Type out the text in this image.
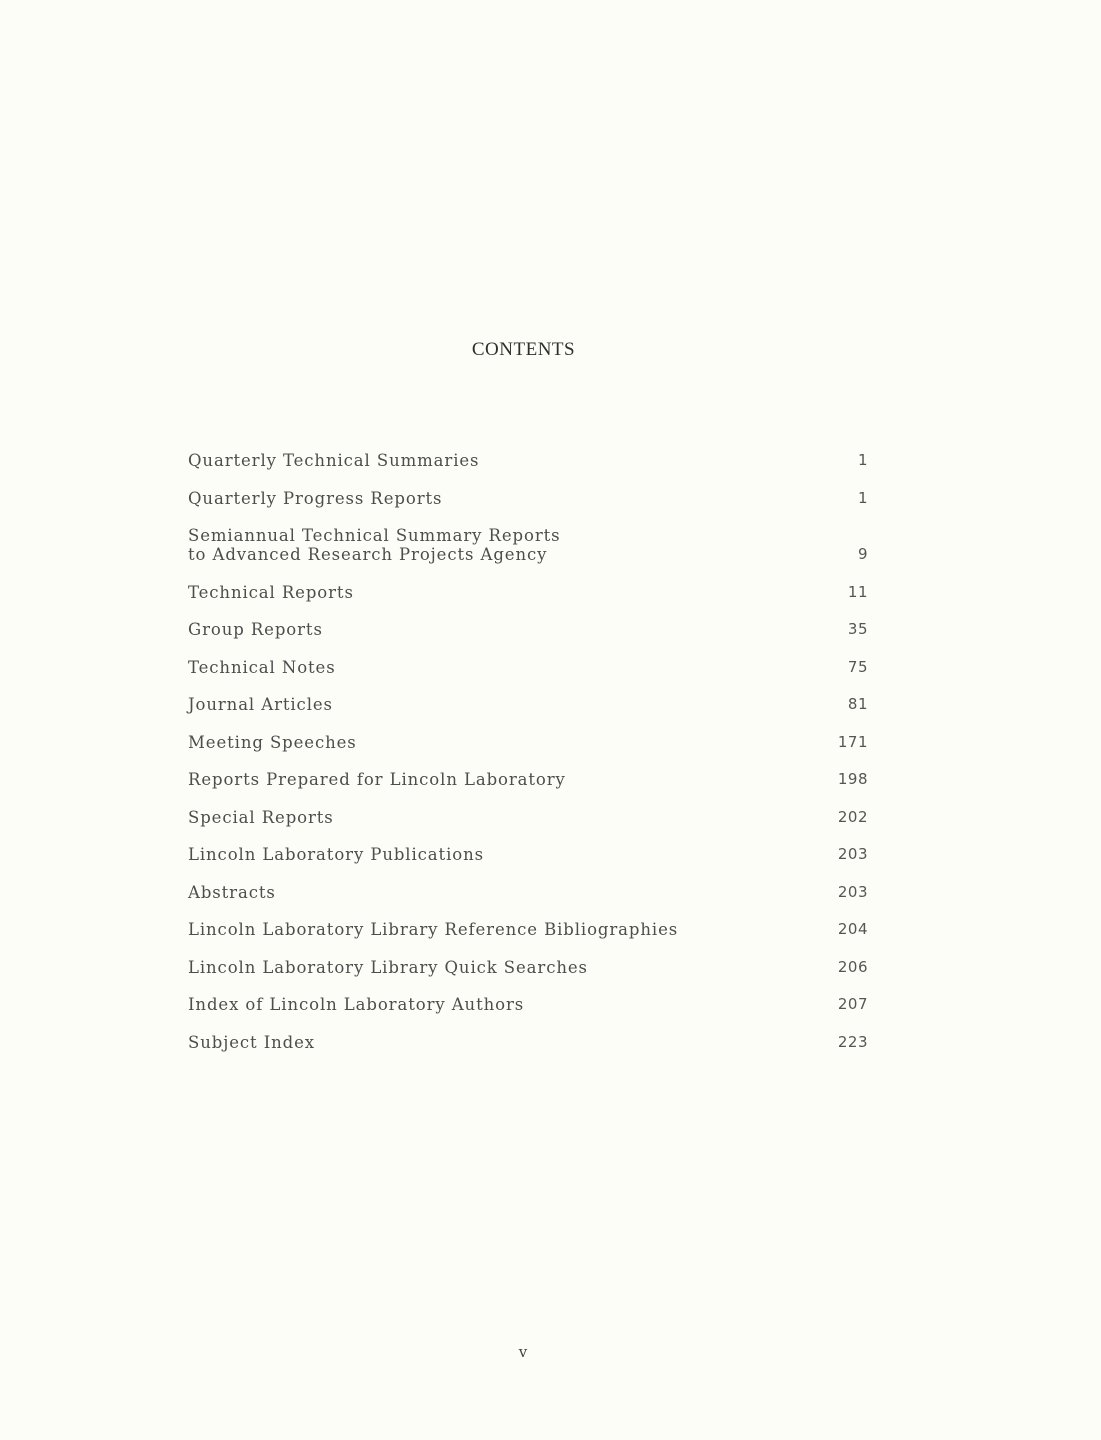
CONTENTS
Quarterly Technical Summaries	1
Quarterly Progress Reports	1
Semiannual Technical Summary Reports
to Advanced Research Projects Agency	9
Technical Reports	11
Group Reports	35
Technical Notes	75
Journal Articles	81
Meeting Speeches	171
Reports Prepared for Lincoln Laboratory	198
Special Reports	202
Lincoln Laboratory Publications	203
Abstracts	203
Lincoln Laboratory Library Reference Bibliographies	204
Lincoln Laboratory Library Quick Searches	206
Index of Lincoln Laboratory Authors	207
Subject Index	223
v
